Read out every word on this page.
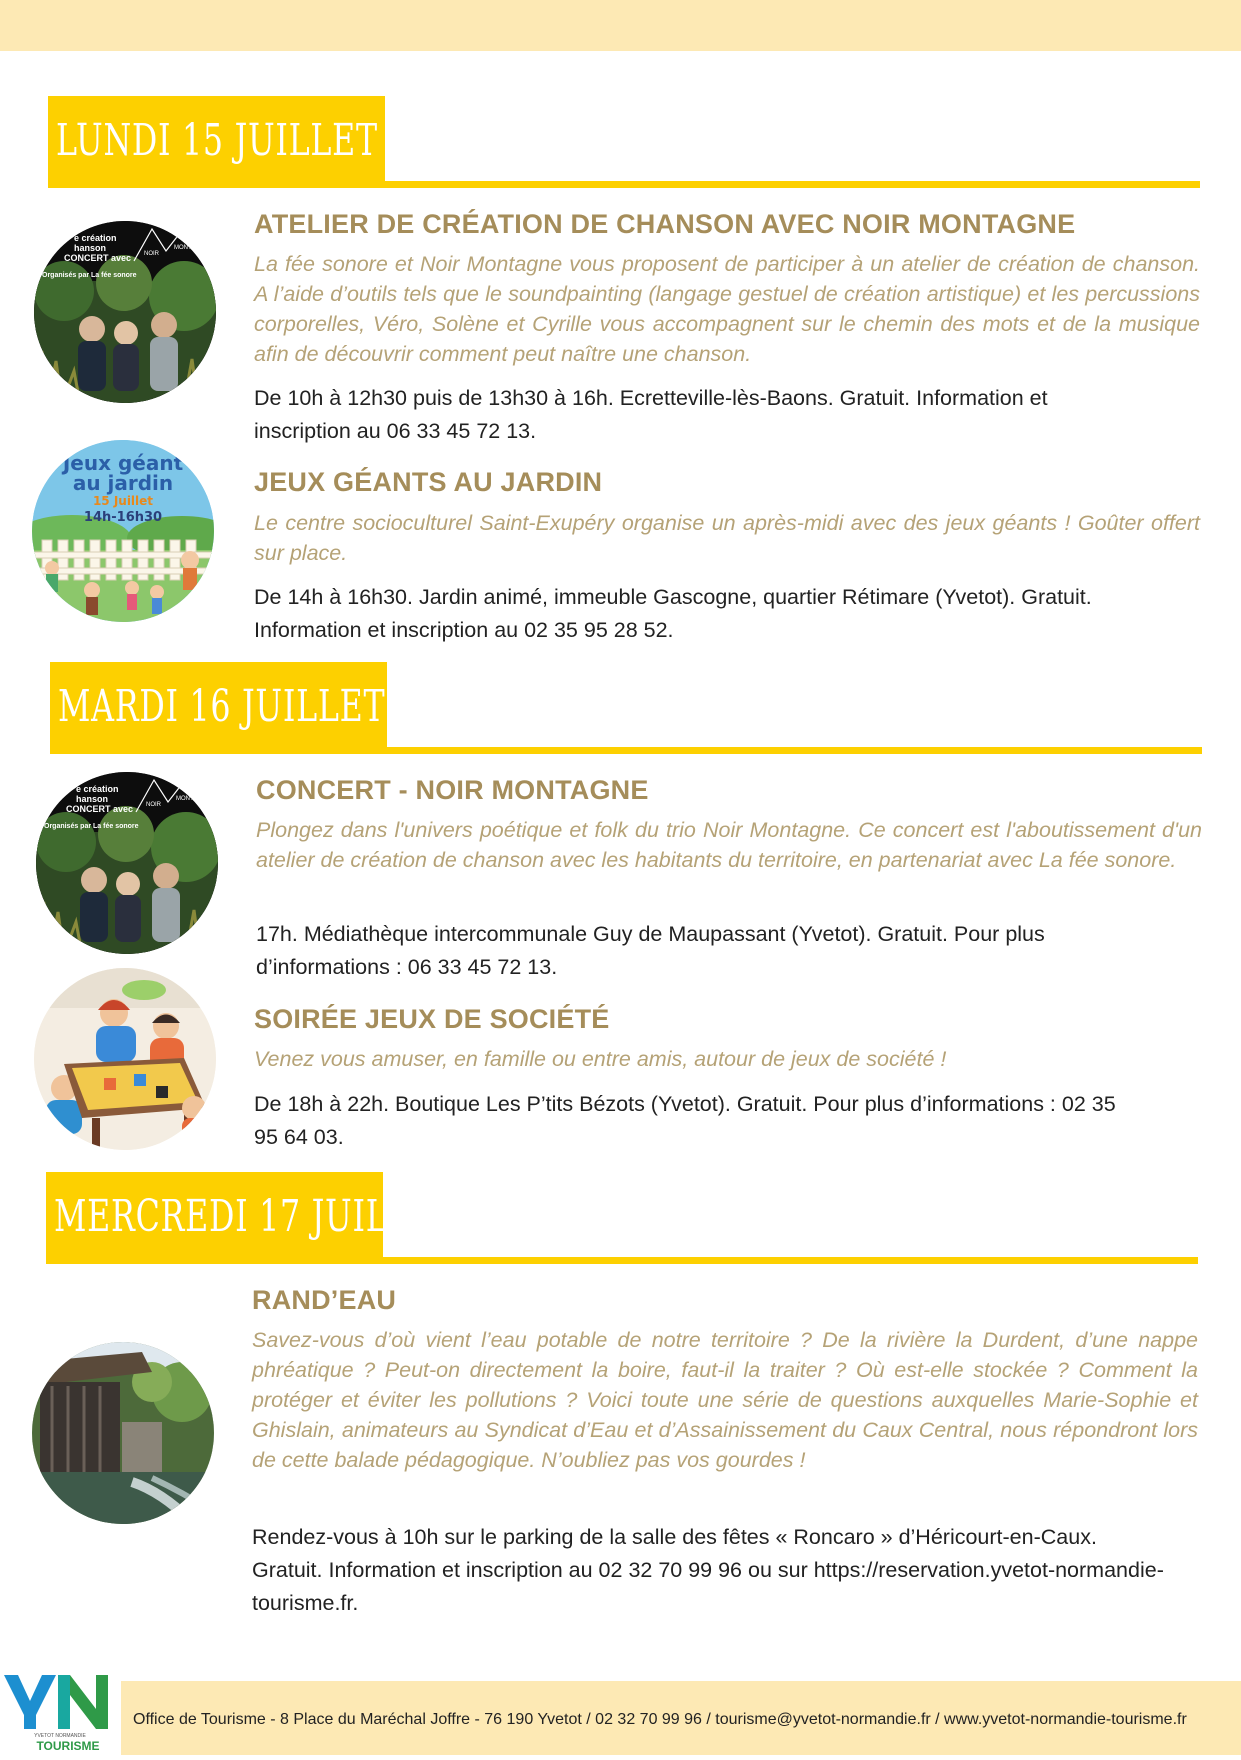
LUNDI 15 JUILLET
e création
hanson
CONCERT avec
Organisés par La fée sonore
NOIR
MONTAGNE
ATELIER DE CRÉATION DE CHANSON AVEC NOIR MONTAGNE

La fée sonore et Noir Montagne vous proposent de participer à un atelier de création de chanson. A l’aide d’outils tels que le soundpainting (langage gestuel de création artistique) et les percussions corporelles, Véro, Solène et Cyrille vous accompagnent sur le chemin des mots et de la musique afin de découvrir comment peut naître une chanson.

De 10h à 12h30 puis de 13h30 à 16h. Ecretteville-lès-Baons. Gratuit. Information et inscription au 06 33 45 72 13.

Jeux géant
au jardin
15 Juillet
14h-16h30
JEUX GÉANTS AU JARDIN

Le centre socioculturel Saint-Exupéry organise un après-midi avec des jeux géants ! Goûter offert sur place.

De 14h à 16h30. Jardin animé, immeuble Gascogne, quartier Rétimare (Yvetot). Gratuit. Information et inscription au 02 35 95 28 52.

MARDI 16 JUILLET
e création
hanson
CONCERT avec
Organisés par La fée sonore
NOIR
MONTAGNE CONCERT - NOIR MONTAGNE

Plongez dans l'univers poétique et folk du trio Noir Montagne. Ce concert est l'aboutissement d'un atelier de création de chanson avec les habitants du territoire, en partenariat avec La fée sonore.

17h. Médiathèque intercommunale Guy de Maupassant (Yvetot). Gratuit. Pour plus d’informations : 06 33 45 72 13.

SOIRÉE JEUX DE SOCIÉTÉ

Venez vous amuser, en famille ou entre amis, autour de jeux de société !

De 18h à 22h. Boutique Les P’tits Bézots (Yvetot). Gratuit. Pour plus d’informations : 02 35 95 64 03.

MERCREDI 17 JUILLET
RAND’EAU

Savez-vous d’où vient l’eau potable de notre territoire ? De la rivière la Durdent, d’une nappe phréatique ? Peut-on directement la boire, faut-il la traiter ? Où est-elle stockée ? Comment la protéger et éviter les pollutions ? Voici toute une série de questions auxquelles Marie-Sophie et Ghislain, animateurs au Syndicat d’Eau et d’Assainissement du Caux Central, nous répondront lors de cette balade pédagogique. N’oubliez pas vos gourdes !

Rendez-vous à 10h sur le parking de la salle des fêtes « Roncaro » d’Héricourt-en-Caux. Gratuit. Information et inscription au 02 32 70 99 96 ou sur https://reservation.yvetot-normandie-tourisme.fr.

YVETOT NORMANDIE
TOURISME
Office de Tourisme - 8 Place du Maréchal Joffre - 76 190 Yvetot / 02 32 70 99 96 / tourisme@yvetot-normandie.fr / www.yvetot-normandie-tourisme.fr
